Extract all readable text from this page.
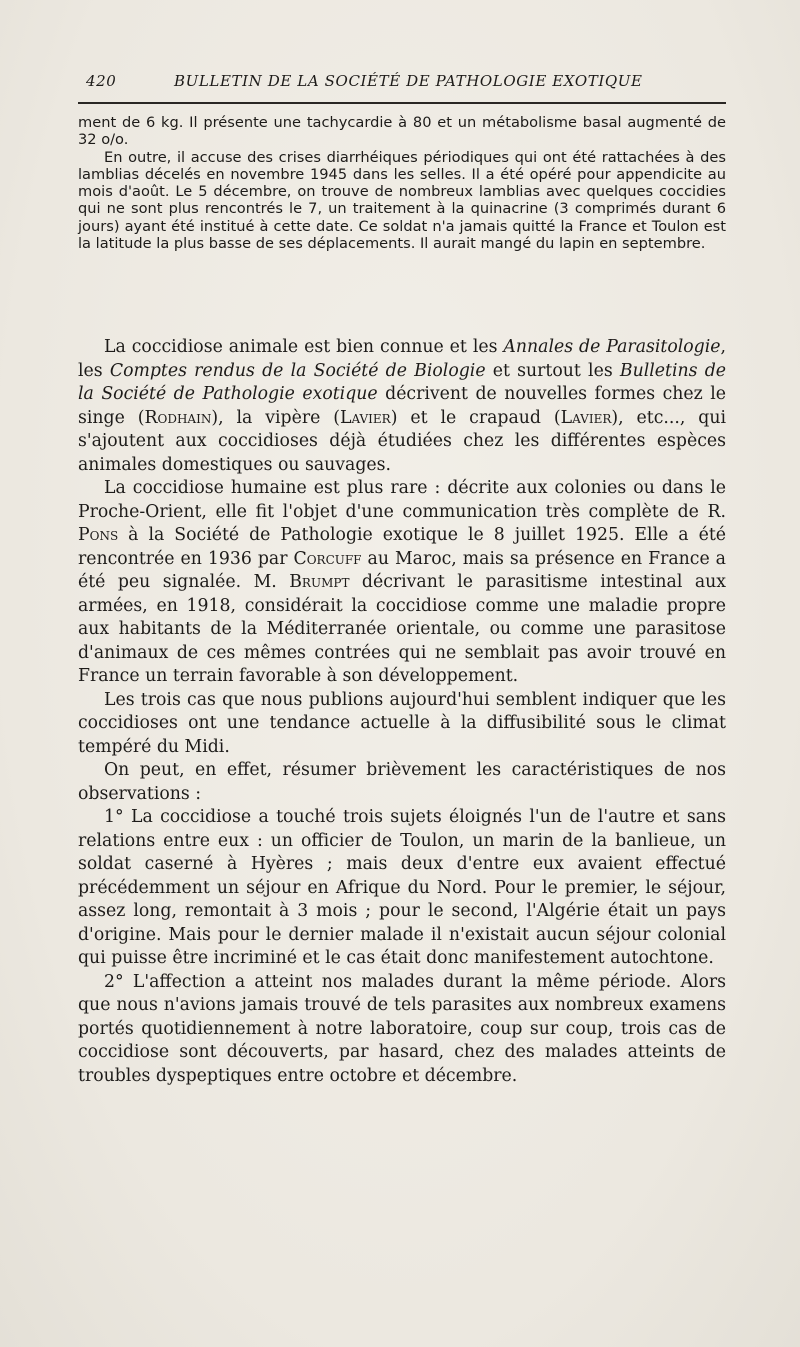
420	BULLETIN DE LA SOCIÉTÉ DE PATHOLOGIE EXOTIQUE

ment de 6 kg. Il présente une tachycardie à 80 et un métabolisme basal augmenté de 32 o/o.

En outre, il accuse des crises diarrhéiques périodiques qui ont été rattachées à des lamblias décelés en novembre 1945 dans les selles. Il a été opéré pour appendicite au mois d'août. Le 5 décembre, on trouve de nombreux lamblias avec quelques coccidies qui ne sont plus rencontrés le 7, un traitement à la quinacrine (3 comprimés durant 6 jours) ayant été institué à cette date. Ce soldat n'a jamais quitté la France et Toulon est la latitude la plus basse de ses déplacements. Il aurait mangé du lapin en septembre.

La coccidiose animale est bien connue et les Annales de Parasitologie, les Comptes rendus de la Société de Biologie et surtout les Bulletins de la Société de Pathologie exotique décrivent de nouvelles formes chez le singe (Rodhain), la vipère (Lavier) et le crapaud (Lavier), etc..., qui s'ajoutent aux coccidioses déjà étudiées chez les différentes espèces animales domestiques ou sauvages.

La coccidiose humaine est plus rare : décrite aux colonies ou dans le Proche-Orient, elle fit l'objet d'une communication très complète de R. Pons à la Société de Pathologie exotique le 8 juillet 1925. Elle a été rencontrée en 1936 par Corcuff au Maroc, mais sa présence en France a été peu signalée. M. Brumpt décrivant le parasitisme intestinal aux armées, en 1918, considérait la coccidiose comme une maladie propre aux habitants de la Méditerranée orientale, ou comme une parasitose d'animaux de ces mêmes contrées qui ne semblait pas avoir trouvé en France un terrain favorable à son développement.

Les trois cas que nous publions aujourd'hui semblent indiquer que les coccidioses ont une tendance actuelle à la diffusibilité sous le climat tempéré du Midi.

On peut, en effet, résumer brièvement les caractéristiques de nos observations :

1° La coccidiose a touché trois sujets éloignés l'un de l'autre et sans relations entre eux : un officier de Toulon, un marin de la banlieue, un soldat caserné à Hyères ; mais deux d'entre eux avaient effectué précédemment un séjour en Afrique du Nord. Pour le premier, le séjour, assez long, remontait à 3 mois ; pour le second, l'Algérie était un pays d'origine. Mais pour le dernier malade il n'existait aucun séjour colonial qui puisse être incriminé et le cas était donc manifestement autochtone.

2° L'affection a atteint nos malades durant la même période. Alors que nous n'avions jamais trouvé de tels parasites aux nombreux examens portés quotidiennement à notre laboratoire, coup sur coup, trois cas de coccidiose sont découverts, par hasard, chez des malades atteints de troubles dyspeptiques entre octobre et décembre.
